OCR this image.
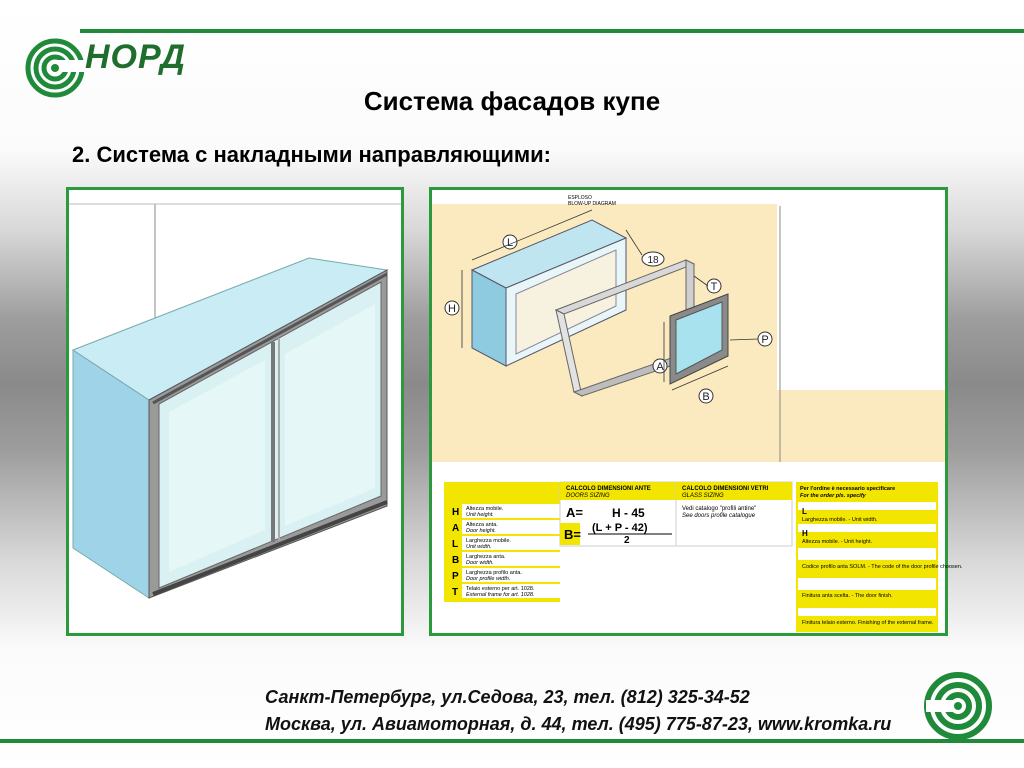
НОРД
Система фасадов купе
2. Система с накладными направляющими:
ESPLOSO
BLOW-UP DIAGRAM
L
H
18
T
A
P
B
H Altezza mobile.
Unit height.
A Altezza anta.
Door height.
L Larghezza mobile.
Unit width.
B Larghezza anta.
Door width.
P Larghezza profilo anta.
Door profile width.
T Telaio esterno per art. 1028.
External frame for art. 1028.
CALCOLO DIMENSIONI ANTE
DOORS SIZING
A= H - 45
B= (L + P - 42)
2
CALCOLO DIMENSIONI VETRI
GLASS SIZING
Vedi catalogo "profili antine"
See doors profile catalogue
Per l'ordine è necessario specificare
For the order pls. specify
L
Larghezza mobile. - Unit width.
H
Altezza mobile. - Unit height.
Codice profilo anta SOLM. - The code of the door profile choosen.
Finitura anta scelta. - The door finish.
Finitura telaio esterno. Finishing of the external frame.
Санкт-Петербург, ул.Седова, 23, тел. (812) 325-34-52
Москва, ул. Авиамоторная, д. 44, тел. (495) 775-87-23, www.kromka.ru
